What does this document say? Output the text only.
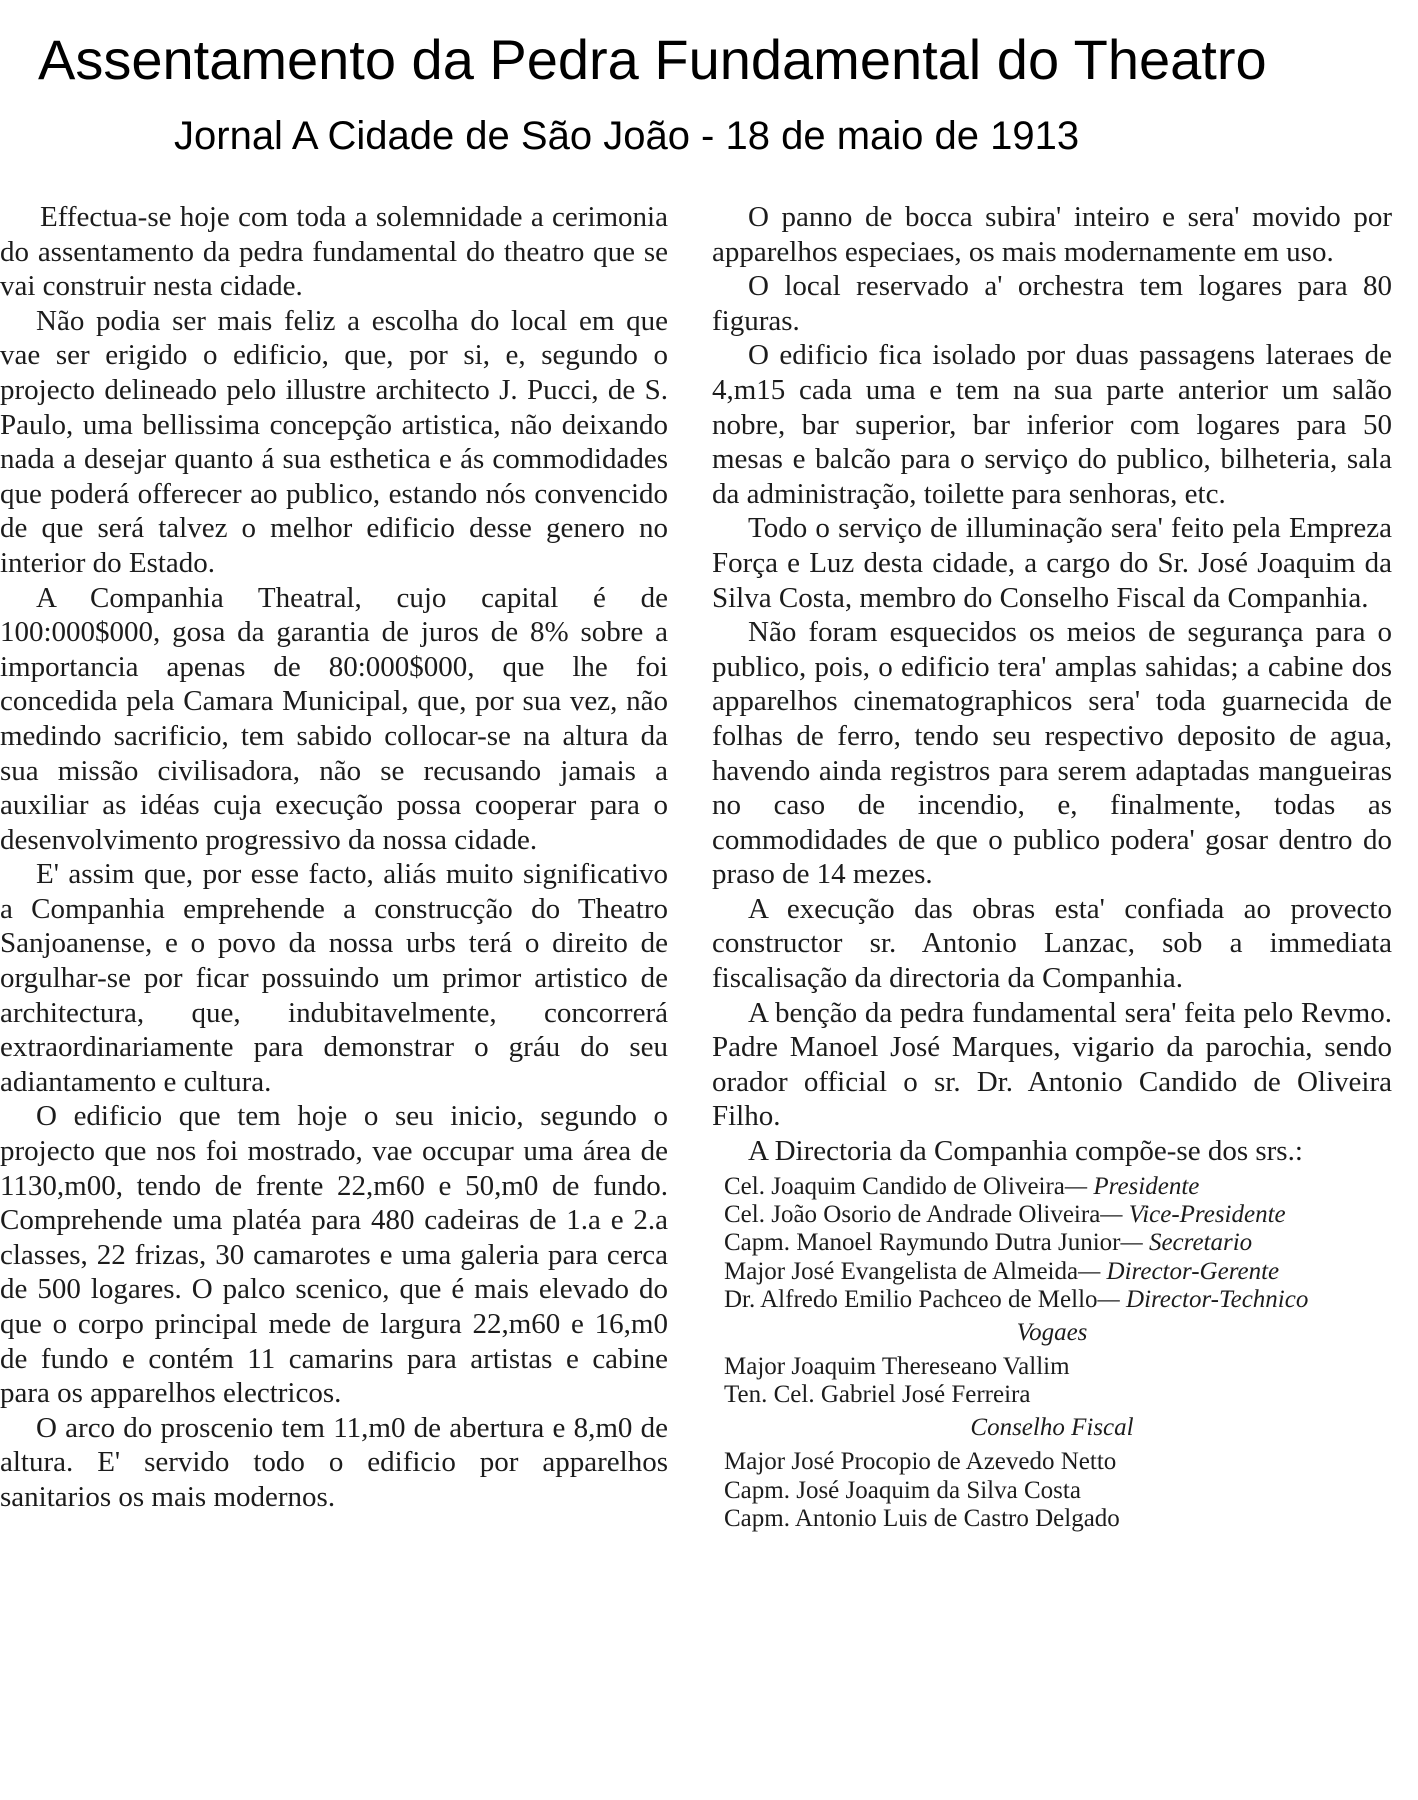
Assentamento da Pedra Fundamental do Theatro
Jornal A Cidade de São João - 18 de maio de 1913

Effectua-se hoje com toda a solemnidade a cerimonia do assentamento da pedra fundamental do theatro que se vai construir nesta cidade.

Não podia ser mais feliz a escolha do local em que vae ser erigido o edificio, que, por si, e, segundo o projecto delineado pelo illustre architecto J. Pucci, de S. Paulo, uma bellissima concepção artistica, não deixando nada a desejar quanto á sua esthetica e ás commodidades que poderá offerecer ao publico, estando nós convencido de que será talvez o melhor edificio desse genero no interior do Estado.

A Companhia Theatral, cujo capital é de 100:000$000, gosa da garantia de juros de 8% sobre a importancia apenas de 80:000$000, que lhe foi concedida pela Camara Municipal, que, por sua vez, não medindo sacrificio, tem sabido collocar-se na altura da sua missão civilisadora, não se recusando jamais a auxiliar as idéas cuja execução possa cooperar para o desenvolvimento progressivo da nossa cidade.

E' assim que, por esse facto, aliás muito significativo a Companhia emprehende a construcção do Theatro Sanjoanense, e o povo da nossa urbs terá o direito de orgulhar-se por ficar possuindo um primor artistico de architectura, que, indubitavelmente, concorrerá extraordinariamente para demonstrar o gráu do seu adiantamento e cultura.

O edificio que tem hoje o seu inicio, segundo o projecto que nos foi mostrado, vae occupar uma área de 1130,m00, tendo de frente 22,m60 e 50,m0 de fundo. Comprehende uma platéa para 480 cadeiras de 1.a e 2.a classes, 22 frizas, 30 camarotes e uma galeria para cerca de 500 logares. O palco scenico, que é mais elevado do que o corpo principal mede de largura 22,m60 e 16,m0 de fundo e contém 11 camarins para artistas e cabine para os apparelhos electricos.

O arco do proscenio tem 11,m0 de abertura e 8,m0 de altura. E' servido todo o edificio por apparelhos sanitarios os mais modernos.

O panno de bocca subira' inteiro e sera' movido por apparelhos especiaes, os mais modernamente em uso.

O local reservado a' orchestra tem logares para 80 figuras.

O edificio fica isolado por duas passagens lateraes de 4,m15 cada uma e tem na sua parte anterior um salão nobre, bar superior, bar inferior com logares para 50 mesas e balcão para o serviço do publico, bilheteria, sala da administração, toilette para senhoras, etc.

Todo o serviço de illuminação sera' feito pela Empreza Força e Luz desta cidade, a cargo do Sr. José Joaquim da Silva Costa, membro do Conselho Fiscal da Companhia.

Não foram esquecidos os meios de segurança para o publico, pois, o edificio tera' amplas sahidas; a cabine dos apparelhos cinematographicos sera' toda guarnecida de folhas de ferro, tendo seu respectivo deposito de agua, havendo ainda registros para serem adaptadas mangueiras no caso de incendio, e, finalmente, todas as commodidades de que o publico podera' gosar dentro do praso de 14 mezes.

A execução das obras esta' confiada ao provecto constructor sr. Antonio Lanzac, sob a immediata fiscalisação da directoria da Companhia.

A benção da pedra fundamental sera' feita pelo Revmo. Padre Manoel José Marques, vigario da parochia, sendo orador official o sr. Dr. Antonio Candido de Oliveira Filho.

A Directoria da Companhia compõe-se dos srs.:

Cel. Joaquim Candido de Oliveira— Presidente
Cel. João Osorio de Andrade Oliveira— Vice-Presidente
Capm. Manoel Raymundo Dutra Junior— Secretario
Major José Evangelista de Almeida— Director-Gerente
Dr. Alfredo Emilio Pachceo de Mello— Director-Technico
Vogaes
Major Joaquim Thereseano Vallim
Ten. Cel. Gabriel José Ferreira
Conselho Fiscal
Major José Procopio de Azevedo Netto
Capm. José Joaquim da Silva Costa
Capm. Antonio Luis de Castro Delgado
